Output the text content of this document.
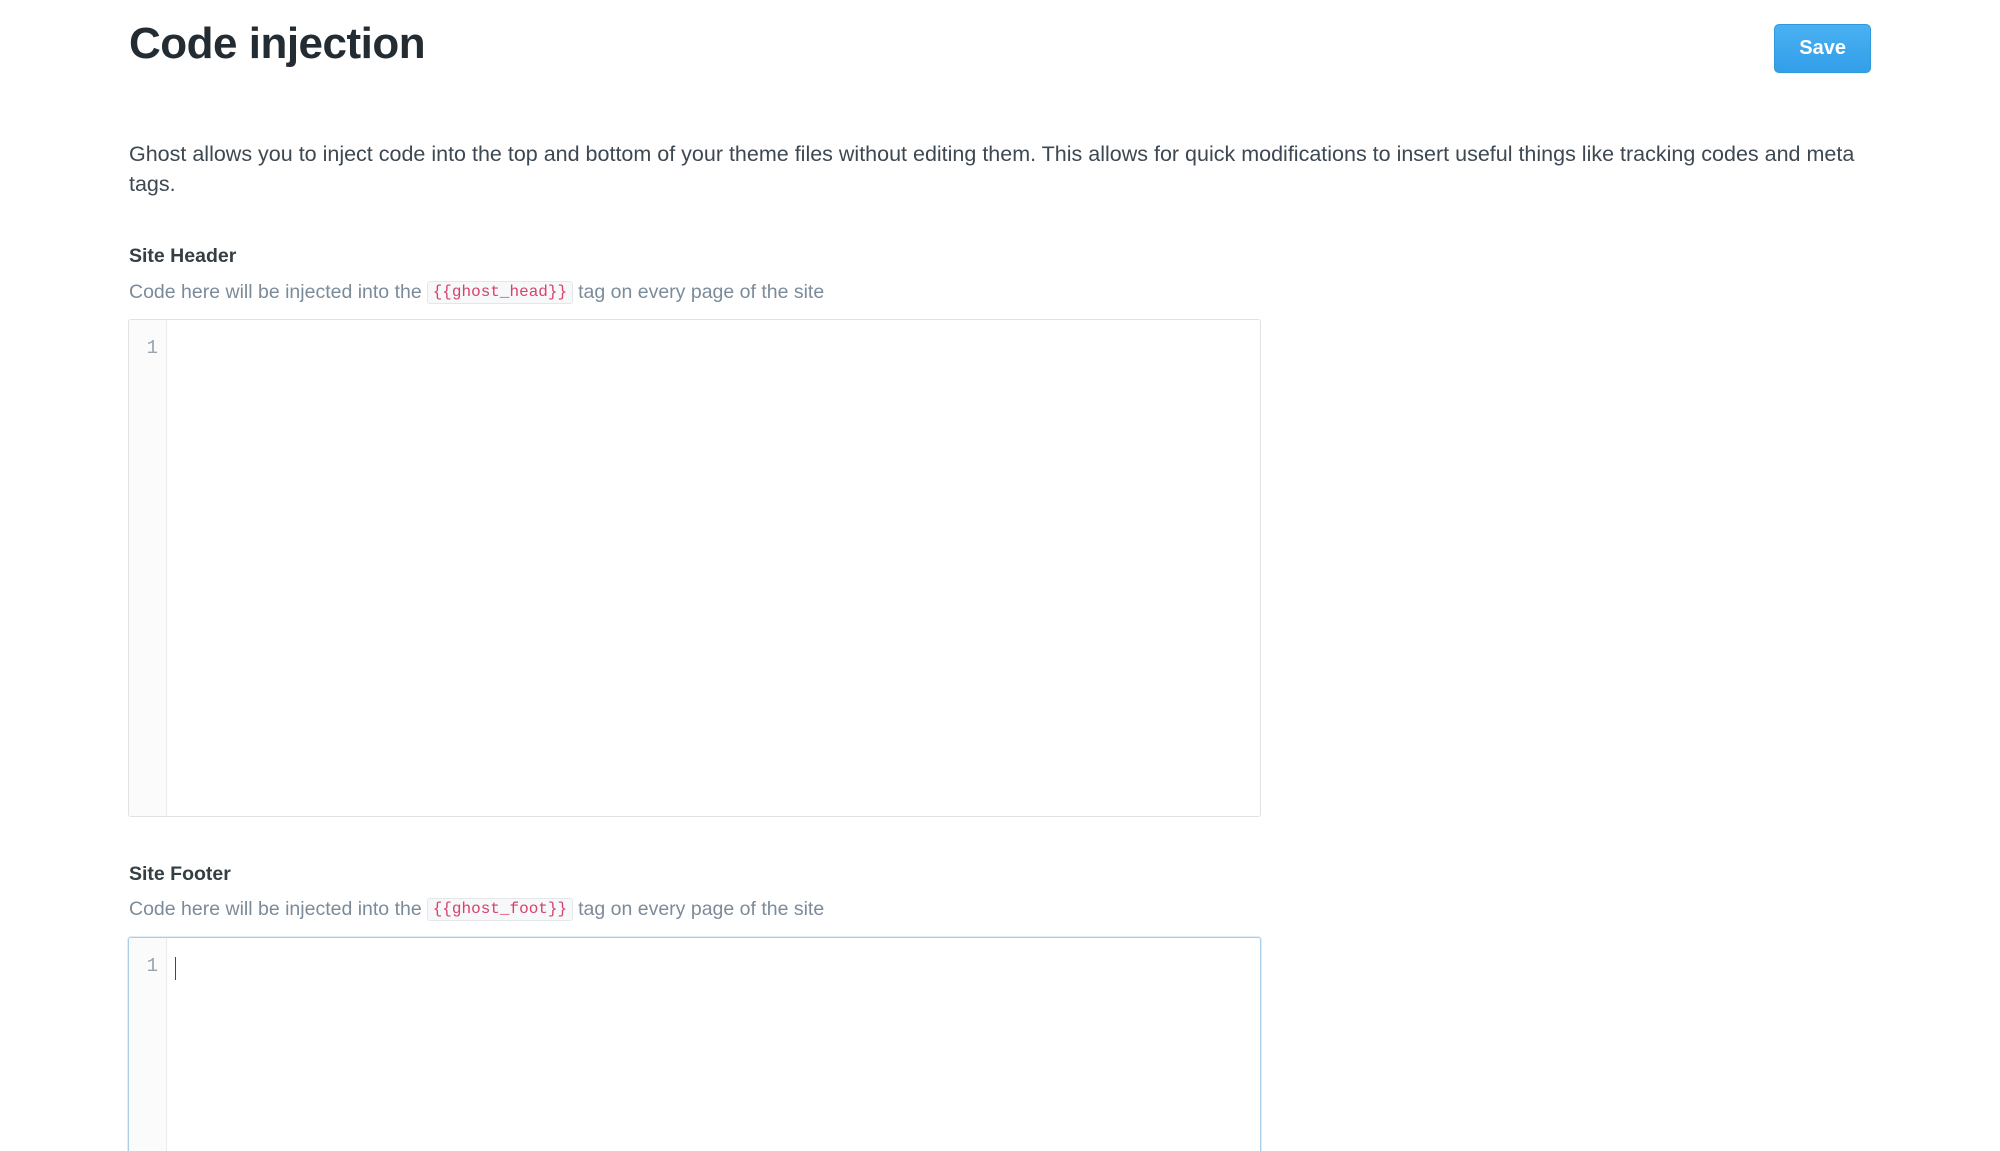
Code injection	Save

Ghost allows you to inject code into the top and bottom of your theme files without editing them. This allows for quick modifications to insert useful things like tracking codes and meta tags.

Site Header
Code here will be injected into the {{ghost_head}} tag on every page of the site
1
Site Footer
Code here will be injected into the {{ghost_foot}} tag on every page of the site
1
